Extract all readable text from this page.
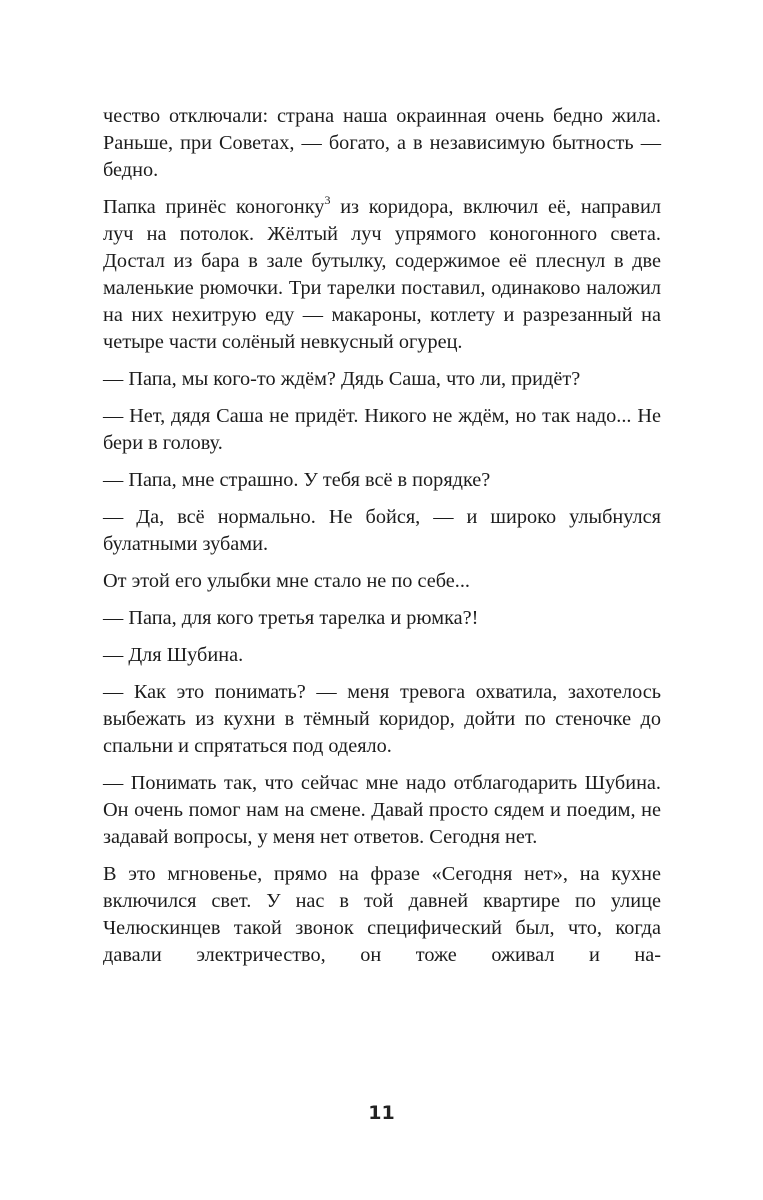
чество отключали: страна наша окраинная очень бедно жила. Раньше, при Советах, — богато, а в независимую бытность — бедно.

Папка принёс коногонку$^3$ из коридора, включил её, направил луч на потолок. Жёлтый луч упрямого коногонного света. Достал из бара в зале бутылку, содержимое её плеснул в две маленькие рюмочки. Три тарелки поставил, одинаково наложил на них нехитрую еду — макароны, котлету и разрезанный на четыре части солёный невкусный огурец.

— Папа, мы кого-то ждём? Дядь Саша, что ли, придёт?

— Нет, дядя Саша не придёт. Никого не ждём, но так надо... Не бери в голову.

— Папа, мне страшно. У тебя всё в порядке?

— Да, всё нормально. Не бойся, — и широко улыбнулся булатными зубами.

От этой его улыбки мне стало не по себе...

— Папа, для кого третья тарелка и рюмка?!

— Для Шубина.

— Как это понимать? — меня тревога охватила, захотелось выбежать из кухни в тёмный коридор, дойти по стеночке до спальни и спрятаться под одеяло.

— Понимать так, что сейчас мне надо отблагодарить Шубина. Он очень помог нам на смене. Давай просто сядем и поедим, не задавай вопросы, у меня нет ответов. Сегодня нет.

В это мгновенье, прямо на фразе «Сегодня нет», на кухне включился свет. У нас в той давней квартире по улице Челюскинцев такой звонок специфический был, что, когда давали электричество, он тоже оживал и на-

11
